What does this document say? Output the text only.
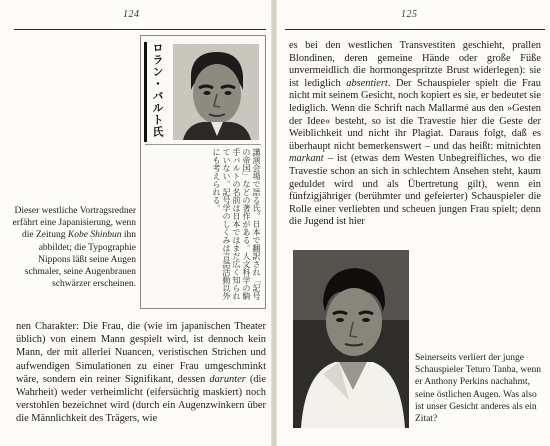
124
ロラン・バルト氏
講演会場で語る氏。日本で翻訳され「記号の帝国」などの著作がある。人文科学の騎手バルトの名前は日本ではまだ広く知られていない。記号学のしくみは言語活動以外にも考えられる。
Dieser westliche Vortragsredner erfährt eine Japanisierung, wenn die Zeitung Kobe Shinbun ihn abbildet; die Typographie Nippons läßt seine Augen schmaler, seine Augenbrauen schwärzer erscheinen.
nen Charakter: Die Frau, die (wie im japanischen Theater üblich) von einem Mann gespielt wird, ist dennoch kein Mann, der mit allerlei Nuancen, veristischen Strichen und aufwendigen Simulationen zu einer Frau umgeschminkt wäre, sondern ein reiner Signifikant, dessen darunter (die Wahrheit) weder verheimlicht (eifersüchtig maskiert) noch verstohlen bezeichnet wird (durch ein Augenzwinkern über die Männlichkeit des Trägers, wie
125
es bei den westlichen Transvestiten geschieht, prallen Blondinen, deren gemeine Hände oder große Füße unvermeidlich die hormongespritzte Brust widerlegen): sie ist lediglich absentiert. Der Schauspieler spielt die Frau nicht mit seinem Gesicht, noch kopiert es sie, er bedeutet sie lediglich. Wenn die Schrift nach Mallarmé aus den »Gesten der Idee« besteht, so ist die Travestie hier die Geste der Weiblichkeit und nicht ihr Plagiat. Daraus folgt, daß es überhaupt nicht bemerkenswert – und das heißt: mitnichten markant – ist (etwas dem Westen Unbegreifliches, wo die Travestie schon an sich in schlechtem Ansehen steht, kaum geduldet wird und als Übertretung gilt), wenn ein fünfzigjähriger (berühmter und gefeierter) Schauspieler die Rolle einer verliebten und scheuen jungen Frau spielt; denn die Jugend ist hier
Seinerseits verliert der junge Schauspieler Teturo Tanba, wenn er Anthony Perkins nachahmt, seine östlichen Augen. Was also ist unser Gesicht anderes als ein Zitat?
